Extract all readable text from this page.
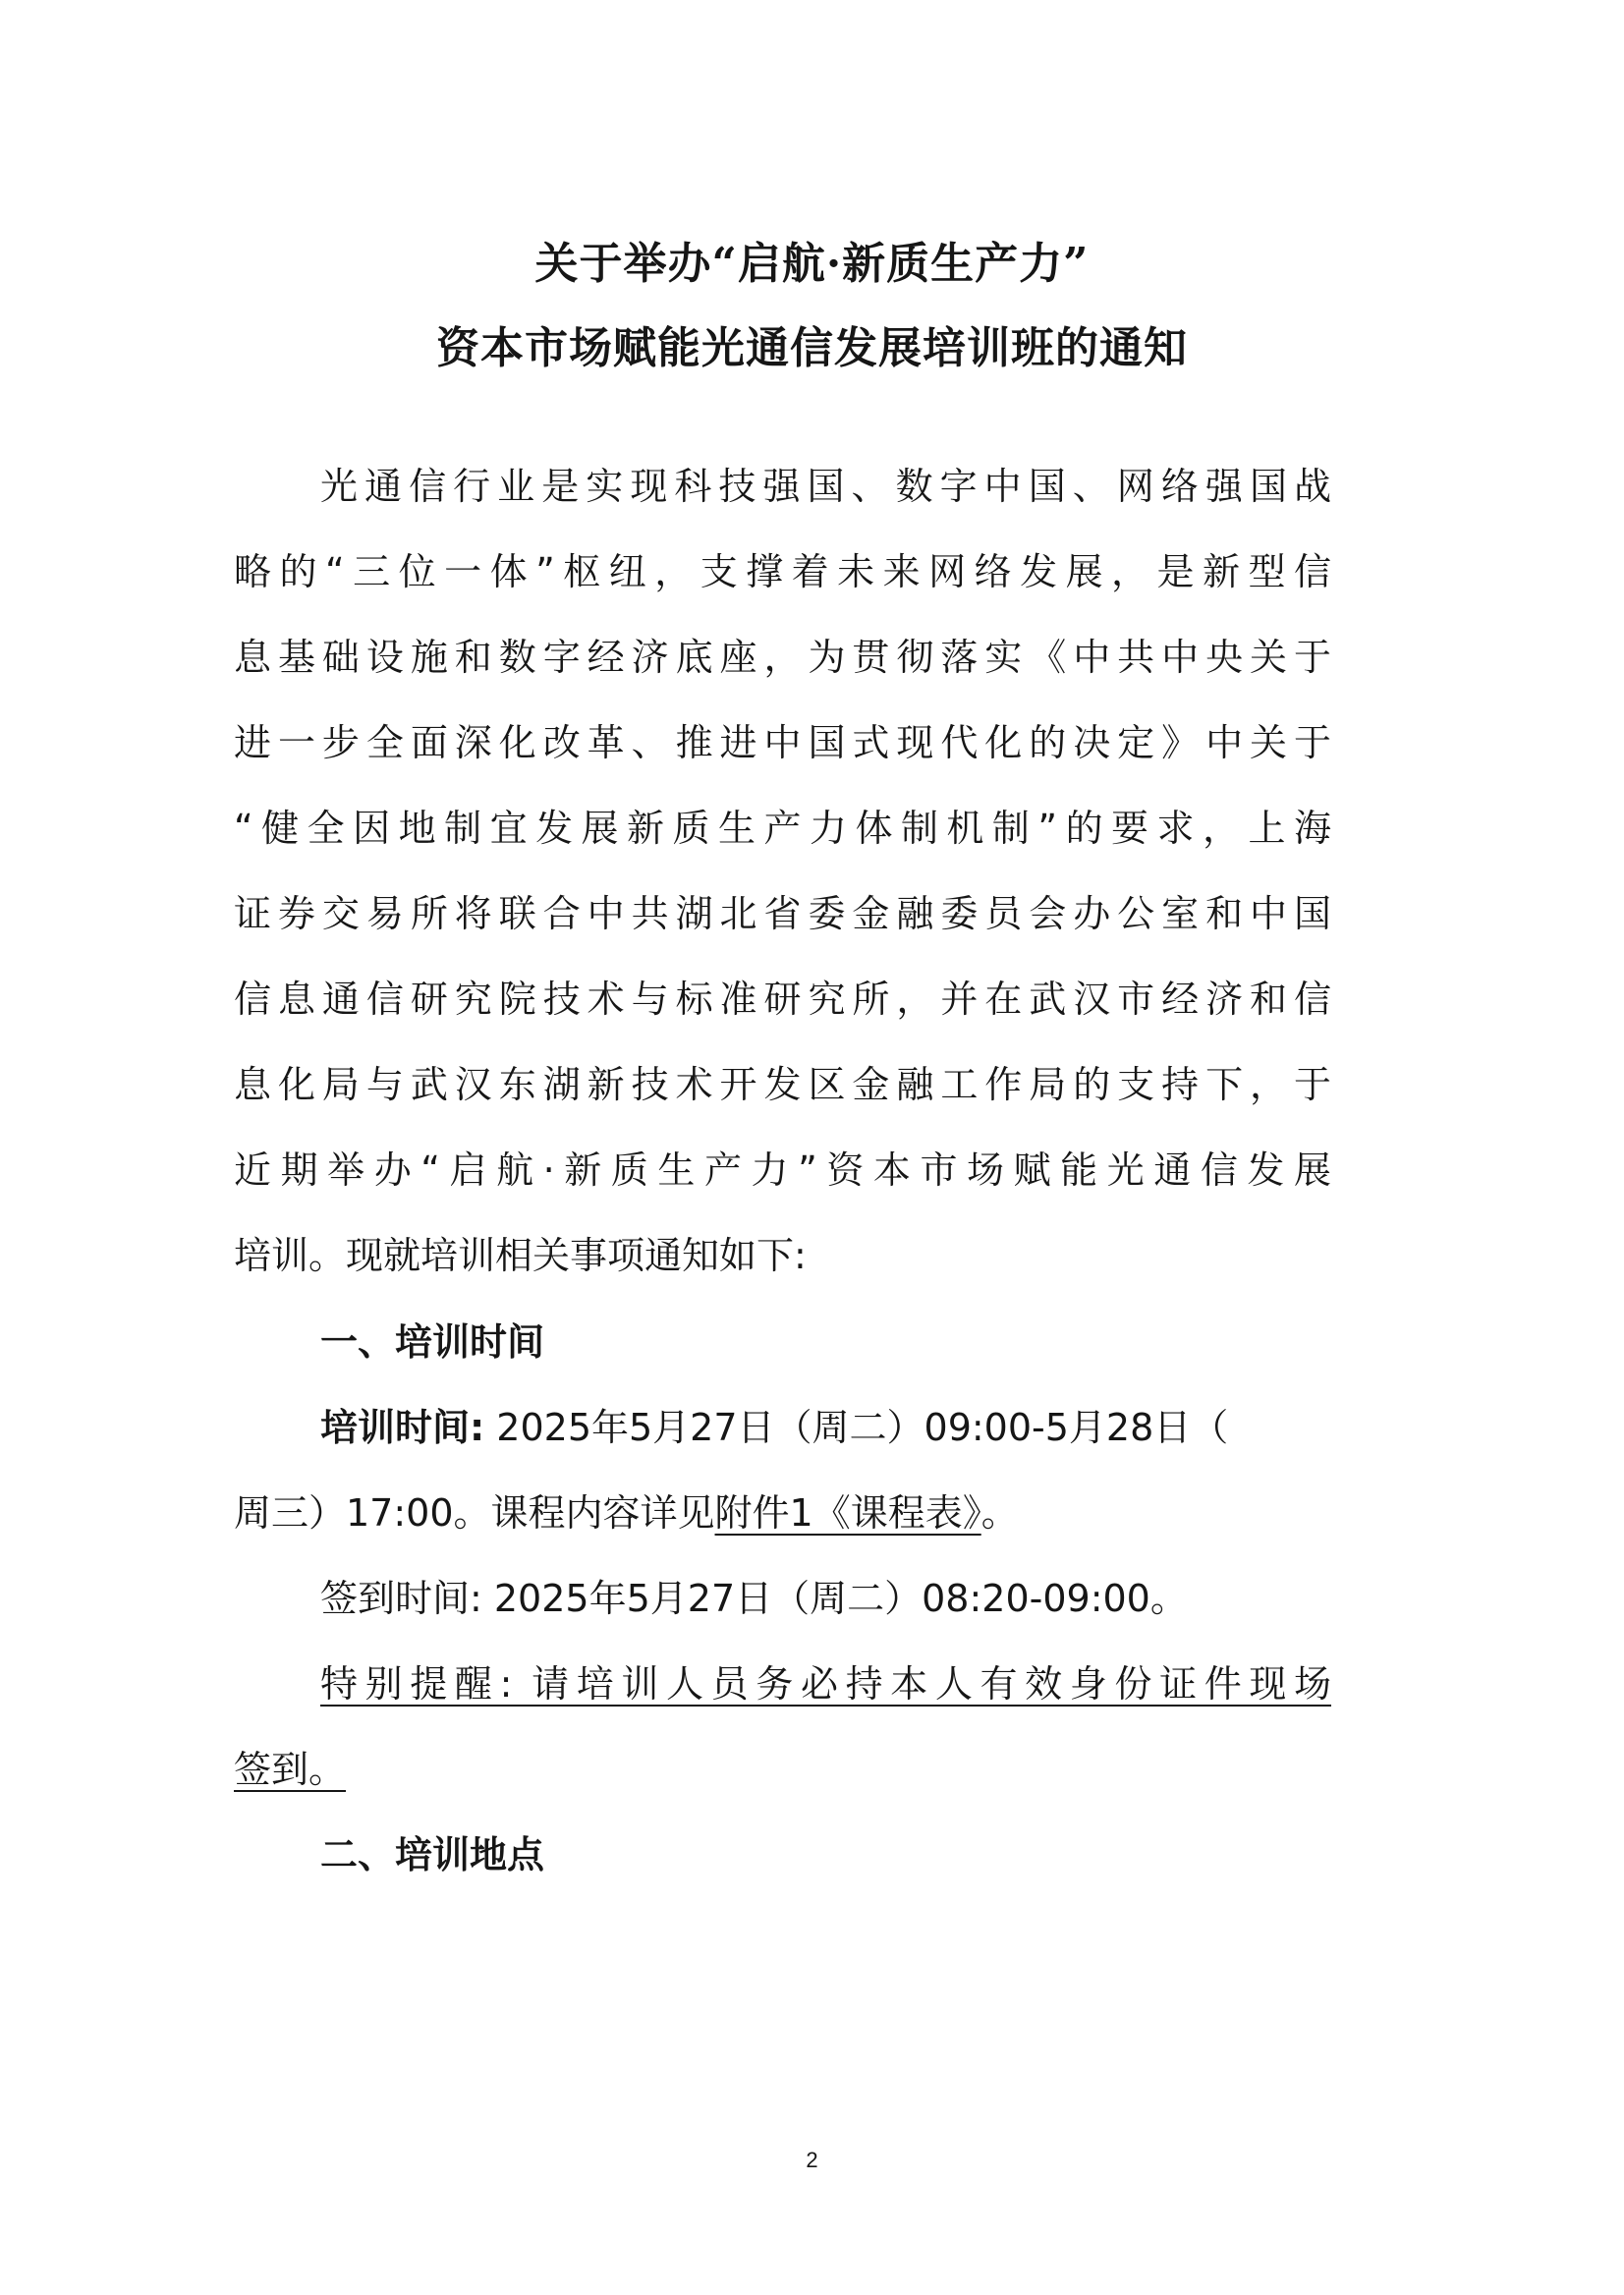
关于举办“启航·新质生产力”
资本市场赋能光通信发展培训班的通知
光通信行业是实现科技强国、数字中国、网络强国战
略的“三位一体”枢纽，支撑着未来网络发展，是新型信
息基础设施和数字经济底座，为贯彻落实《中共中央关于
进一步全面深化改革、推进中国式现代化的决定》中关于
“健全因地制宜发展新质生产力体制机制”的要求，上海
证券交易所将联合中共湖北省委金融委员会办公室和中国
信息通信研究院技术与标准研究所，并在武汉市经济和信
息化局与武汉东湖新技术开发区金融工作局的支持下，于
近期举办“启航·新质生产力”资本市场赋能光通信发展
培训。现就培训相关事项通知如下:
一、培训时间
培训时间: 2025年5月27日（周二）09:00-5月28日（
周三）17:00。课程内容详见附件1《课程表》。
签到时间: 2025年5月27日（周二）08:20-09:00。
特别提醒: 请培训人员务必持本人有效身份证件现场
签到。
二、培训地点
2
